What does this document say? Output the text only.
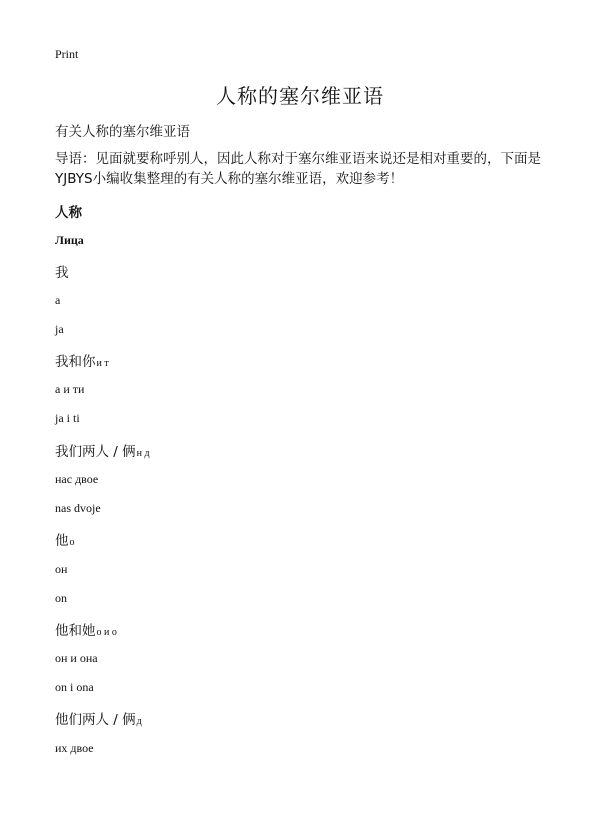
Print
人称的塞尔维亚语
有关人称的塞尔维亚语
导语：见面就要称呼别人，因此人称对于塞尔维亚语来说还是相对重要的，下面是YJBYS小编收集整理的有关人称的塞尔维亚语，欢迎参考！
人称
Лица
我
a
ja
我和你и т
a и ти
ja i ti
我们两人 / 俩н д
нас двое
nas dvoje
他о
он
on
他和她о и о
он и она
on i ona
他们两人 / 俩д
их двое
